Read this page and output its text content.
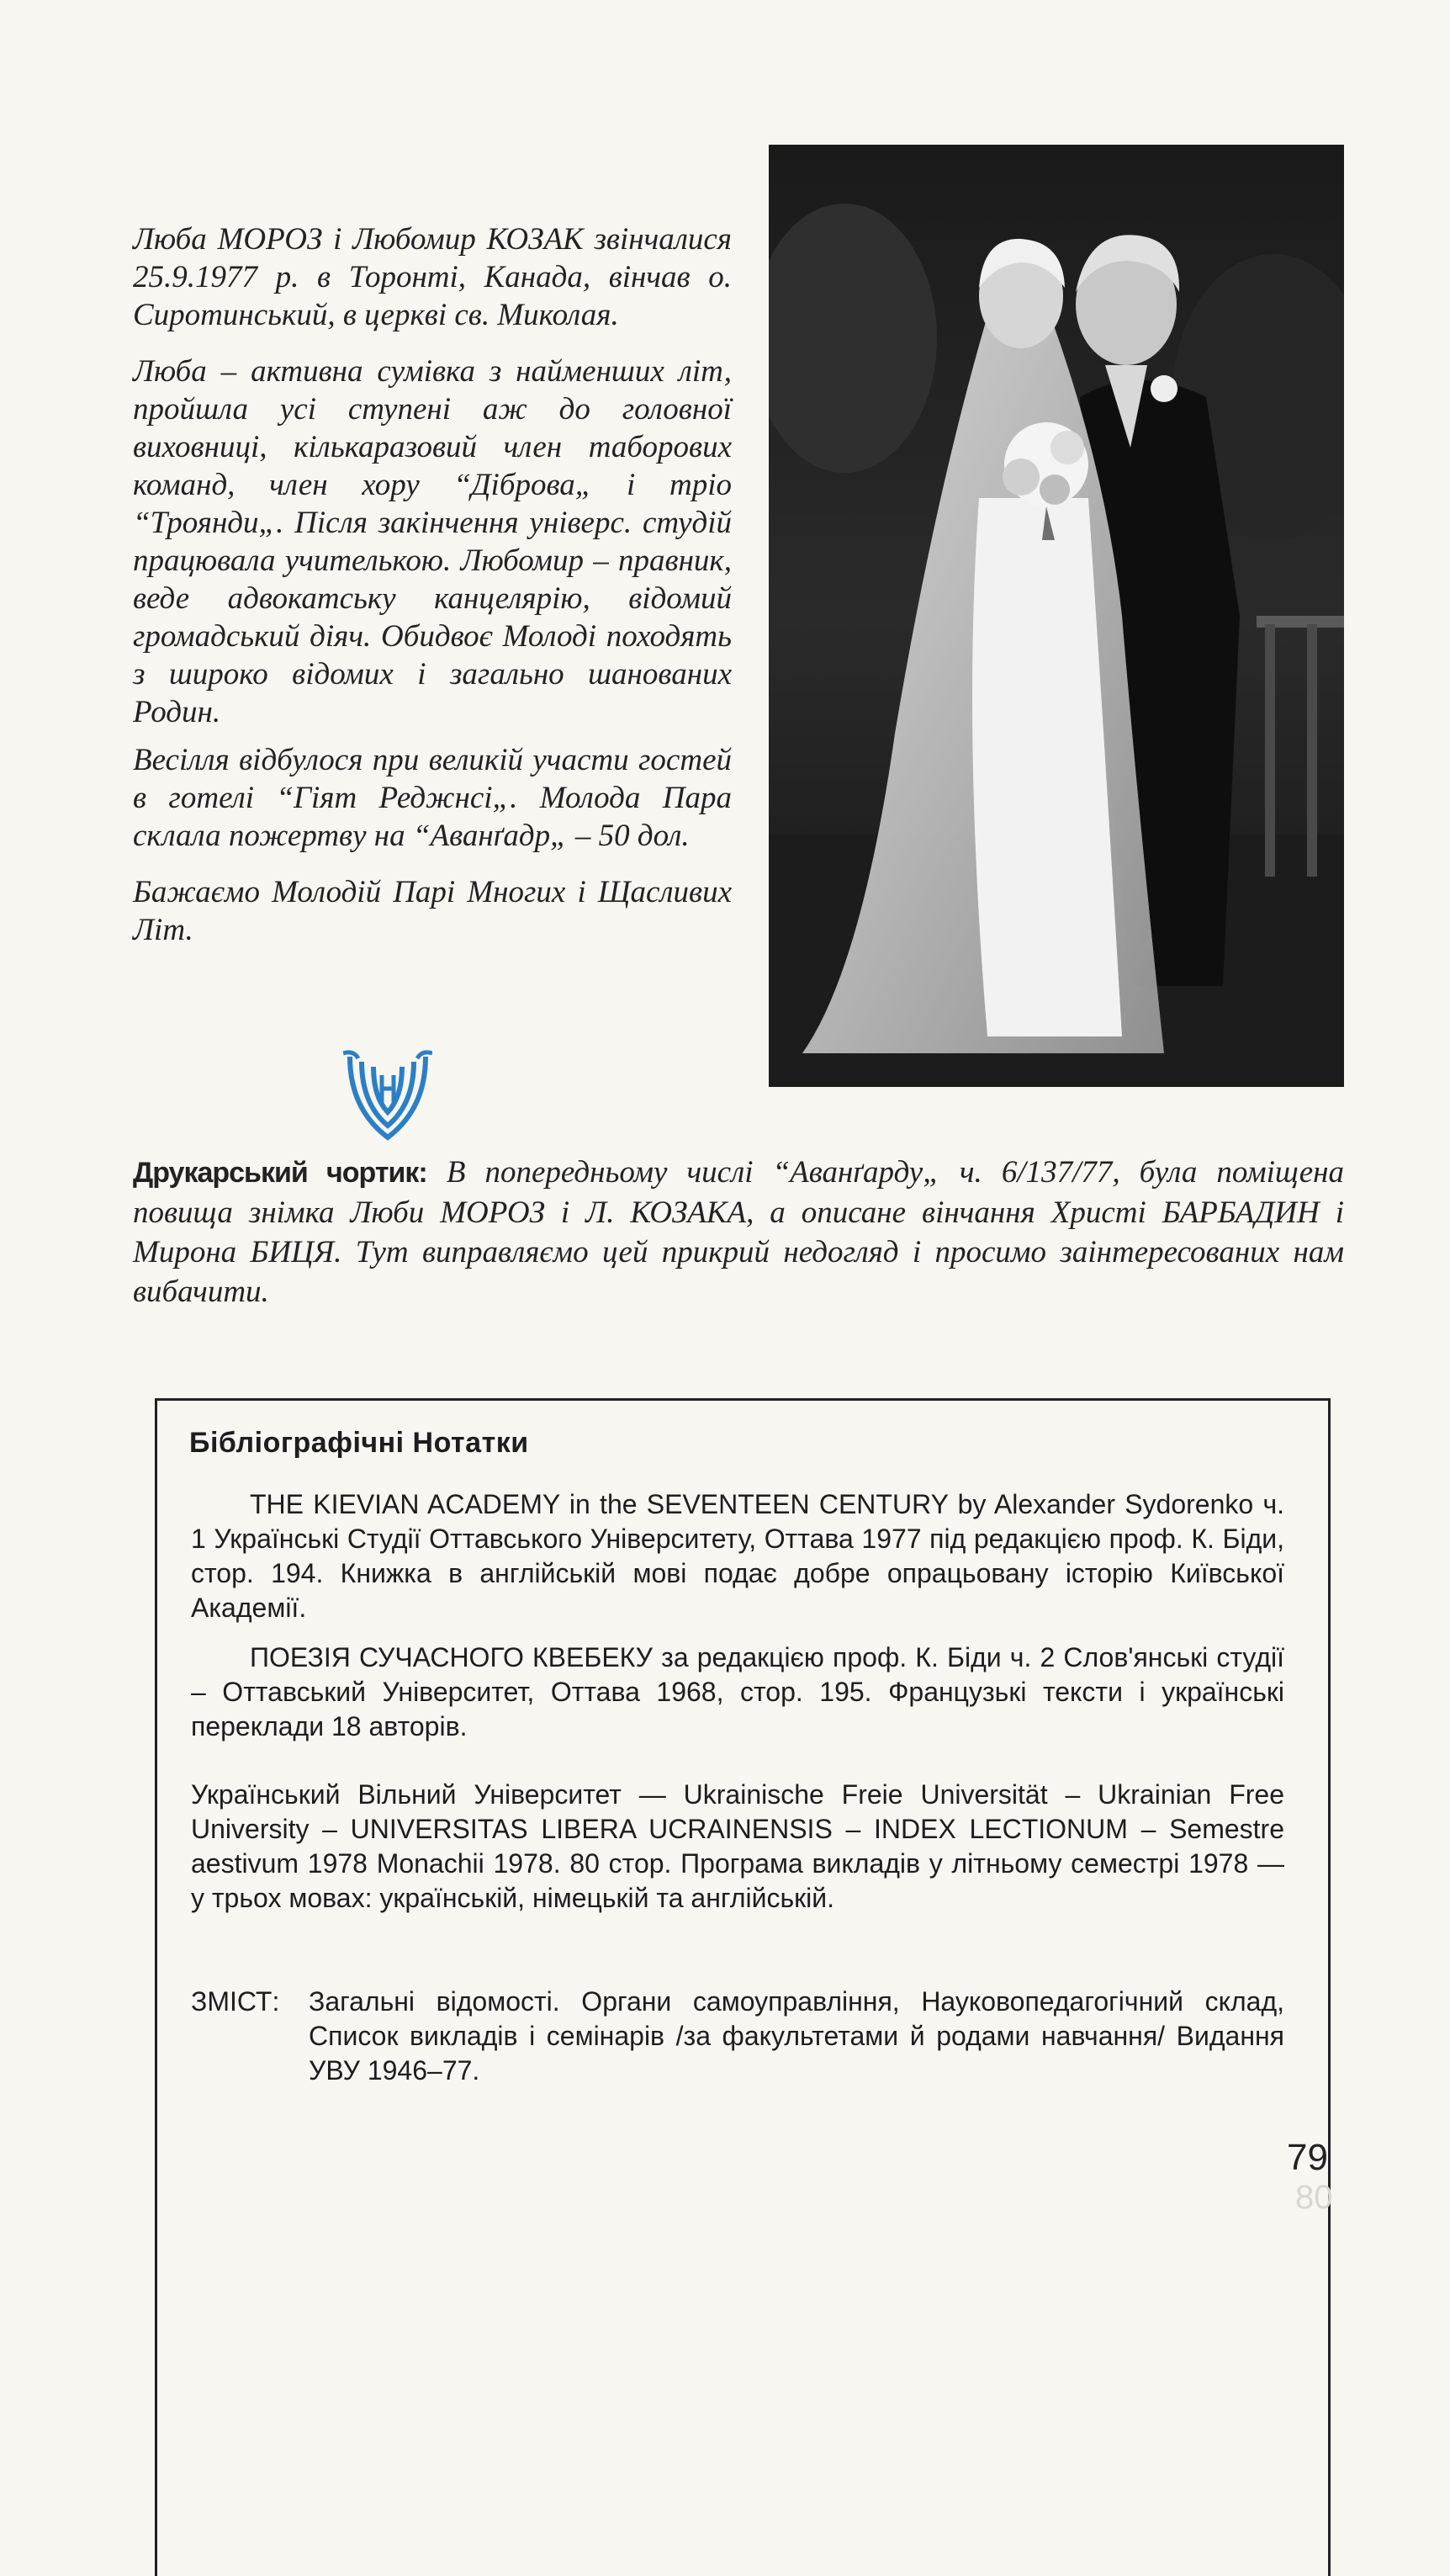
Люба МОРОЗ і Любомир КОЗАК звінчалися 25.9.1977 р. в Торонті, Канада, вінчав о. Сиротинський, в церкві св. Миколая.

Люба – активна сумівка з найменших літ, пройшла усі ступені аж до головної виховниці, кількаразовий член таборових команд, член хору “Діброва„ і тріо “Троянди„. Після закінчення універс. студій працювала учителькою. Любомир – правник, веде адвокатську канцелярію, відомий громадський діяч. Обидвоє Молоді походять з широко відомих і загально шанованих Родин.

Весілля відбулося при великій участи гостей в готелі “Гіят Реджнсі„. Молода Пара склала пожертву на “Аванґадр„ – 50 дол.

Бажаємо Молодій Парі Многих і Щасливих Літ.

Друкарський чортик: В попередньому числі “Аванґарду„ ч. 6/137/77, була поміщена повища знімка Люби МОРОЗ і Л. КОЗАКА, а описане вінчання Христі БАРБАДИН і Мирона БИЦЯ. Тут виправляємо цей прикрий недогляд і просимо заінтересованих нам вибачити.
Бібліографічні Нотатки
THE KIEVIAN ACADEMY in the SEVENTEEN CENTURY by Alexander Sydorenko ч. 1 Українські Студії Оттавського Університету, Оттава 1977 під редакцією проф. К. Біди, стор. 194. Книжка в англійській мові подає добре опрацьовану історію Київської Академії.
ПОЕЗІЯ СУЧАСНОГО КВЕБЕКУ за редакцією проф. К. Біди ч. 2 Слов'янські студії – Оттавський Університет, Оттава 1968, стор. 195. Французькі тексти і українські переклади 18 авторів.
Український Вільний Університет — Ukrainische Freie Universität – Ukrainian Free University – UNIVERSITAS LIBERA UCRAINENSIS – INDEX LECTIONUM – Semestre aestivum 1978 Monachii 1978. 80 стор. Програма викладів у літньому семестрі 1978 — у трьох мовах: українській, німецькій та англійській.
ЗМІСТ: Загальні відомості. Органи самоуправління, Науковопедагогічний склад, Список викладів і семінарів /за факультетами й родами навчання/ Видання УВУ 1946–77.
79
80
